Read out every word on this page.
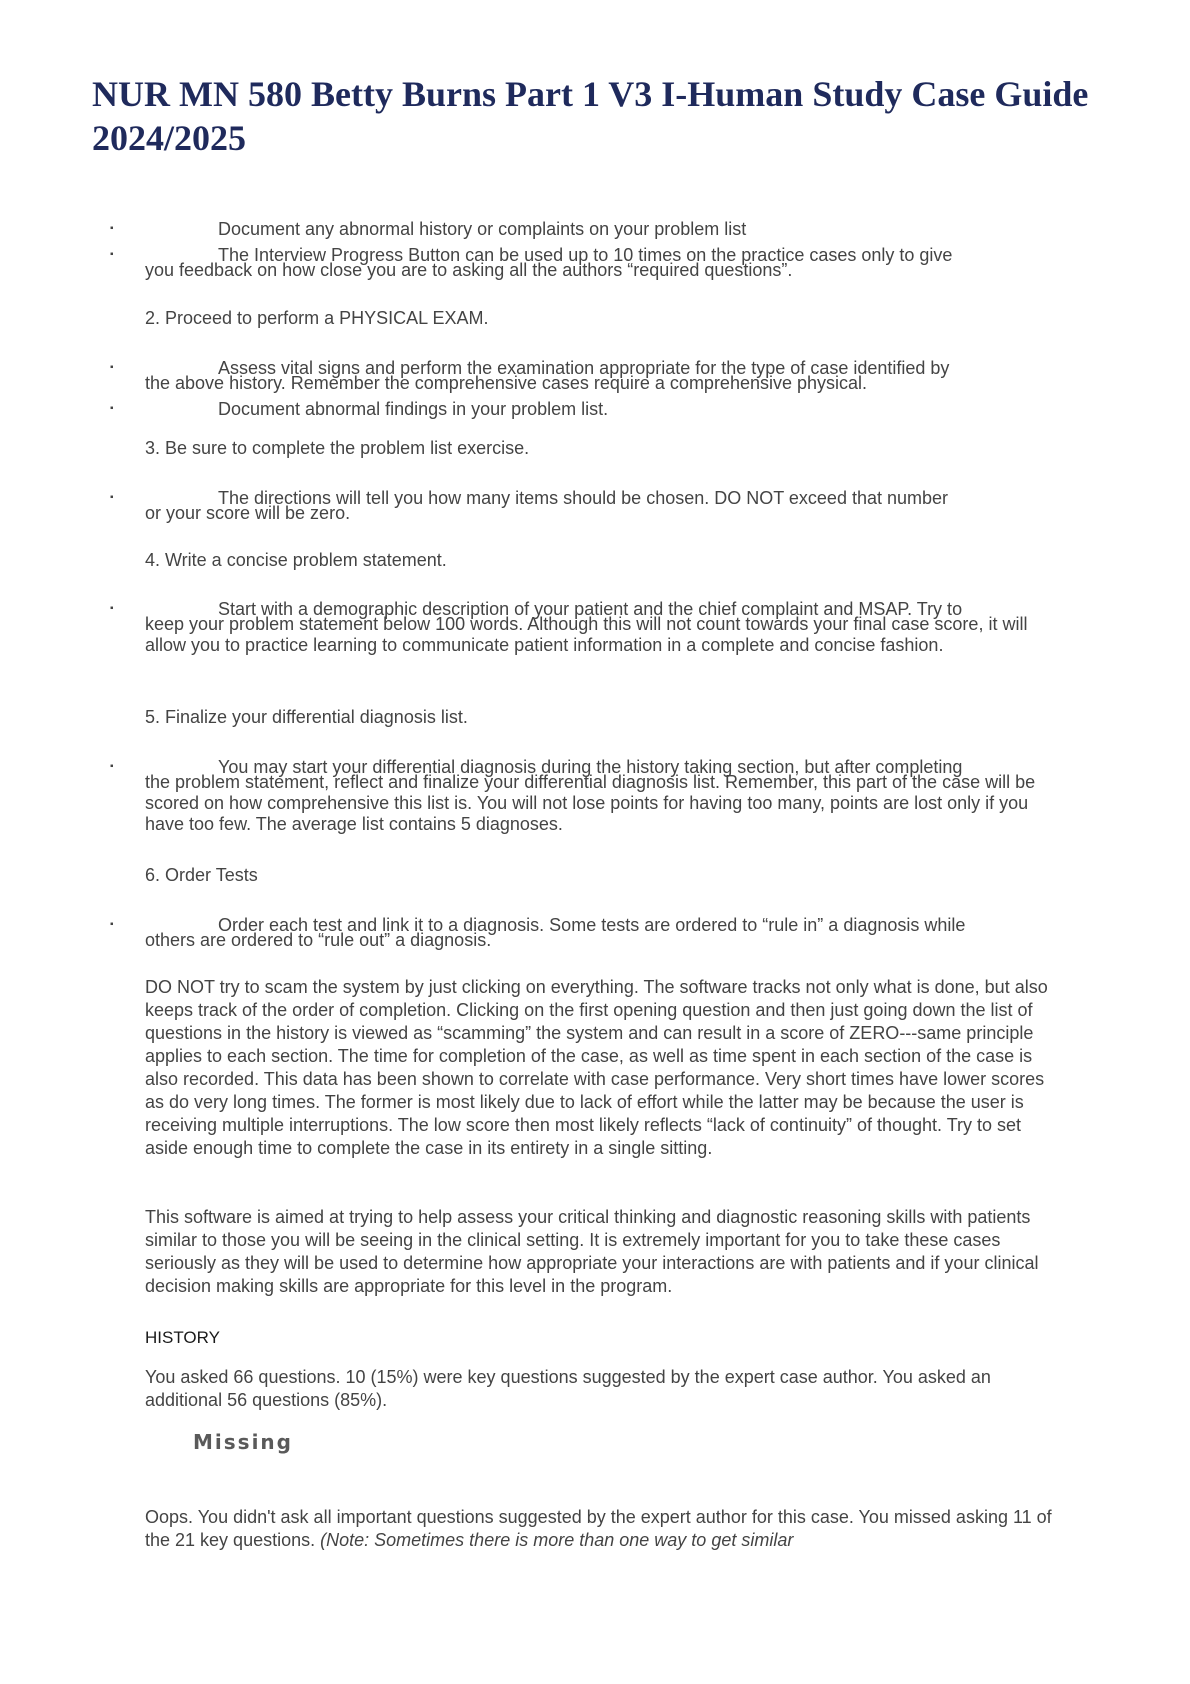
NUR MN 580 Betty Burns Part 1 V3 I-Human Study Case Guide 2024/2025
▪	Document any abnormal history or complaints on your problem list

▪	The Interview Progress Button can be used up to 10 times on the practice cases only to give

you feedback on how close you are to asking all the authors “required questions”.

2. Proceed to perform a PHYSICAL EXAM.

▪	Assess vital signs and perform the examination appropriate for the type of case identified by

the above history. Remember the comprehensive cases require a comprehensive physical.

▪	Document abnormal findings in your problem list.

3. Be sure to complete the problem list exercise.

▪	The directions will tell you how many items should be chosen. DO NOT exceed that number

or your score will be zero.

4. Write a concise problem statement.

▪	Start with a demographic description of your patient and the chief complaint and MSAP. Try to

keep your problem statement below 100 words. Although this will not count towards your final case score, it will allow you to practice learning to communicate patient information in a complete and concise fashion.

5. Finalize your differential diagnosis list.

▪	You may start your differential diagnosis during the history taking section, but after completing

the problem statement, reflect and finalize your differential diagnosis list. Remember, this part of the case will be scored on how comprehensive this list is. You will not lose points for having too many, points are lost only if you have too few. The average list contains 5 diagnoses.

6. Order Tests

▪	Order each test and link it to a diagnosis. Some tests are ordered to “rule in” a diagnosis while

others are ordered to “rule out” a diagnosis.

DO NOT try to scam the system by just clicking on everything. The software tracks not only what is done, but also keeps track of the order of completion. Clicking on the first opening question and then just going down the list of questions in the history is viewed as “scamming” the system and can result in a score of ZERO---same principle applies to each section. The time for completion of the case, as well as time spent in each section of the case is also recorded. This data has been shown to correlate with case performance. Very short times have lower scores as do very long times. The former is most likely due to lack of effort while the latter may be because the user is receiving multiple interruptions. The low score then most likely reflects “lack of continuity” of thought. Try to set aside enough time to complete the case in its entirety in a single sitting.

This software is aimed at trying to help assess your critical thinking and diagnostic reasoning skills with patients similar to those you will be seeing in the clinical setting. It is extremely important for you to take these cases seriously as they will be used to determine how appropriate your interactions are with patients and if your clinical decision making skills are appropriate for this level in the program.

HISTORY

You asked 66 questions. 10 (15%) were key questions suggested by the expert case author. You asked an additional 56 questions (85%).

Missing

Oops. You didn't ask all important questions suggested by the expert author for this case. You missed asking 11 of the 21 key questions. (Note: Sometimes there is more than one way to get similar
